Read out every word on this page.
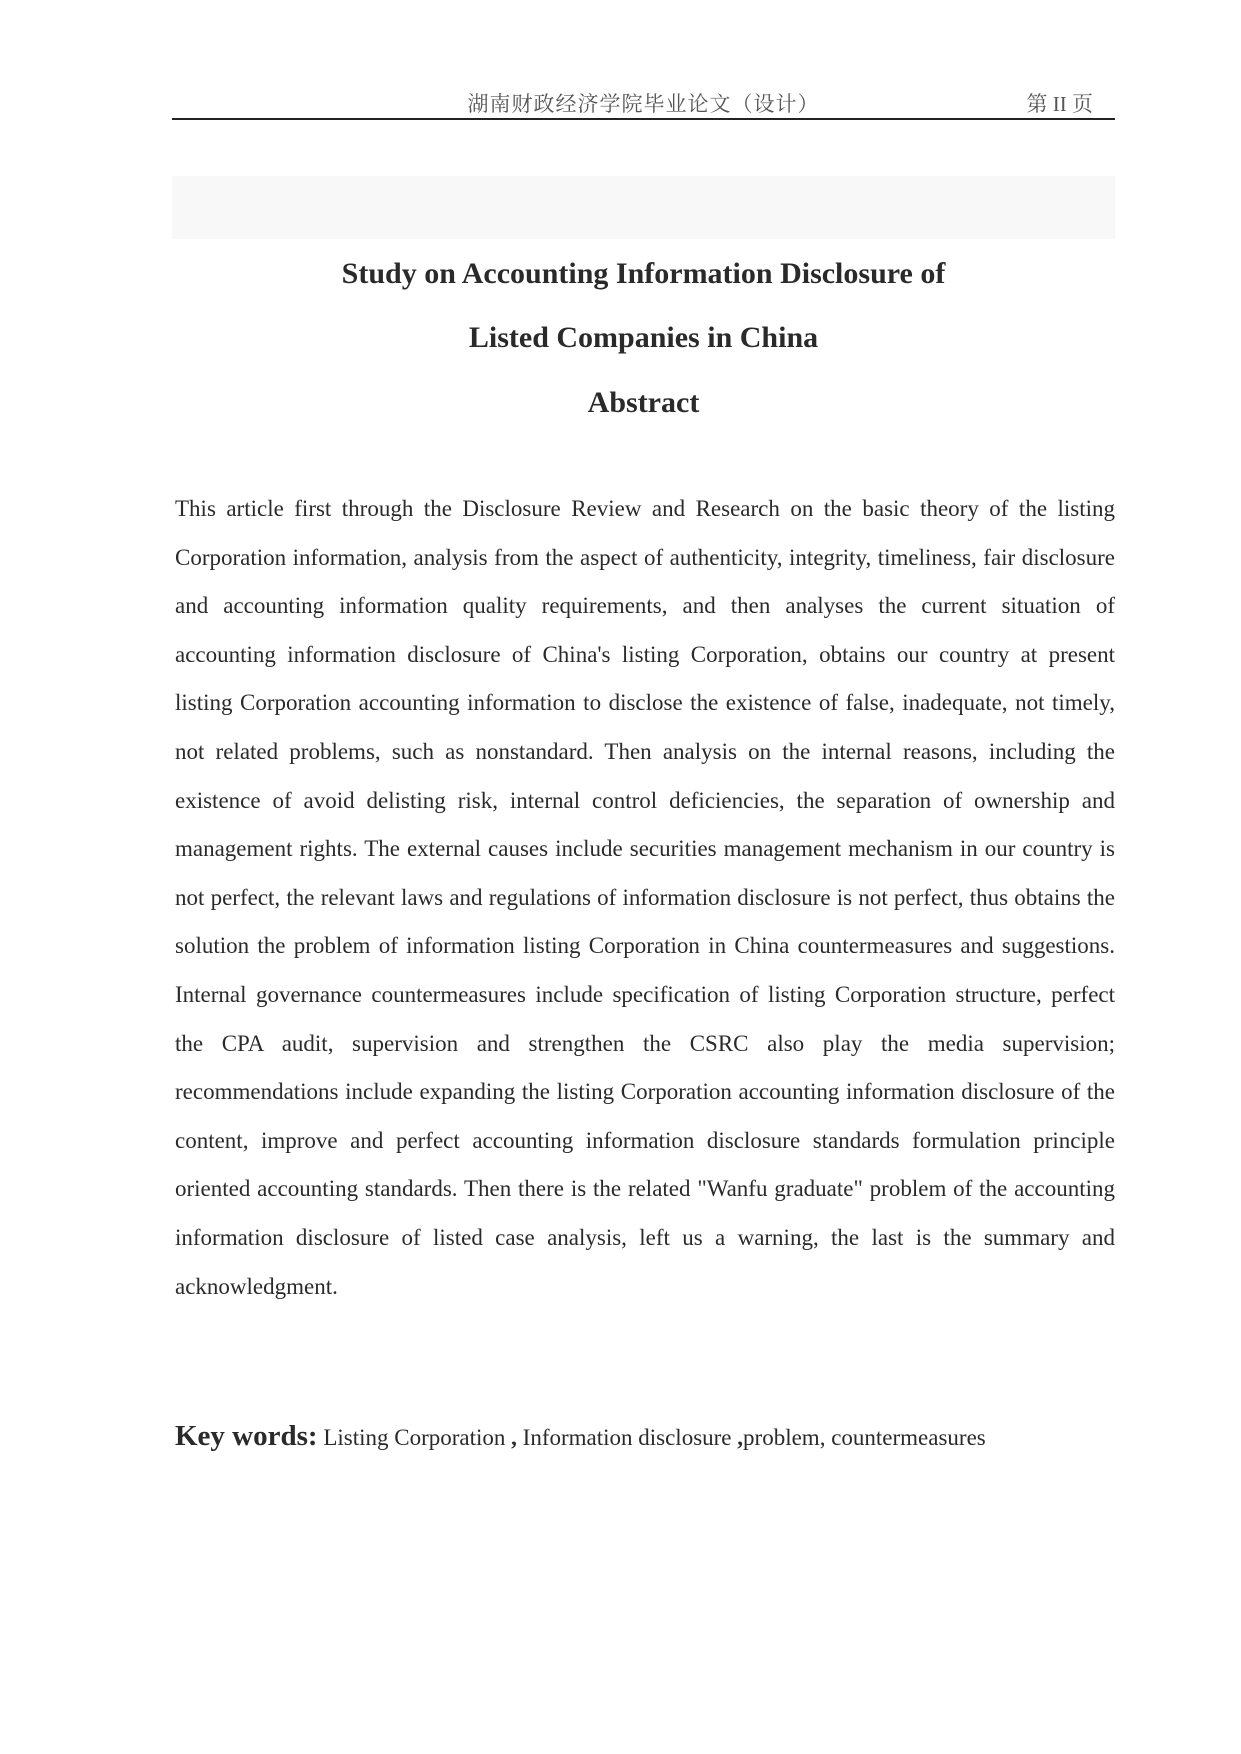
湖南财政经济学院毕业论文（设计）	第 II 页
Study on Accounting Information Disclosure of
Listed Companies in China
Abstract

This article first through the Disclosure Review and Research on the basic theory of the listing Corporation information, analysis from the aspect of authenticity, integrity, timeliness, fair disclosure and accounting information quality requirements, and then analyses the current situation of accounting information disclosure of China's listing Corporation, obtains our country at present listing Corporation accounting information to disclose the existence of false, inadequate, not timely, not related problems, such as nonstandard. Then analysis on the internal reasons, including the existence of avoid delisting risk, internal control deficiencies, the separation of ownership and management rights. The external causes include securities management mechanism in our country is not perfect, the relevant laws and regulations of information disclosure is not perfect, thus obtains the solution the problem of information listing Corporation in China countermeasures and suggestions. Internal governance countermeasures include specification of listing Corporation structure, perfect the CPA audit, supervision and strengthen the CSRC also play the media supervision; recommendations include expanding the listing Corporation accounting information disclosure of the content, improve and perfect accounting information disclosure standards formulation principle oriented accounting standards. Then there is the related "Wanfu graduate" problem of the accounting information disclosure of listed case analysis, left us a warning, the last is the summary and acknowledgment.

Key words: Listing Corporation , Information disclosure ,problem, countermeasures
